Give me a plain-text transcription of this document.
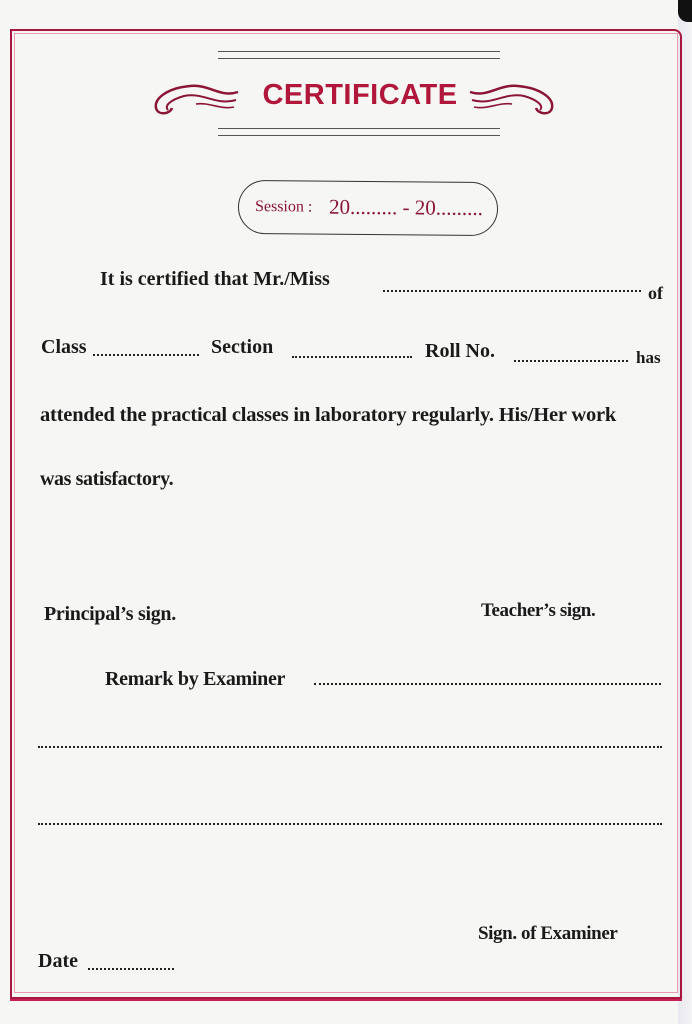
CERTIFICATE
Session : 20......... - 20.........
It is certified that Mr./Miss
of
Class	Section	Roll No.	has
attended the practical classes in laboratory regularly. His/Her work
was satisfactory.
Principal’s sign.	Teacher’s sign.
Remark by Examiner
Sign. of Examiner
Date
